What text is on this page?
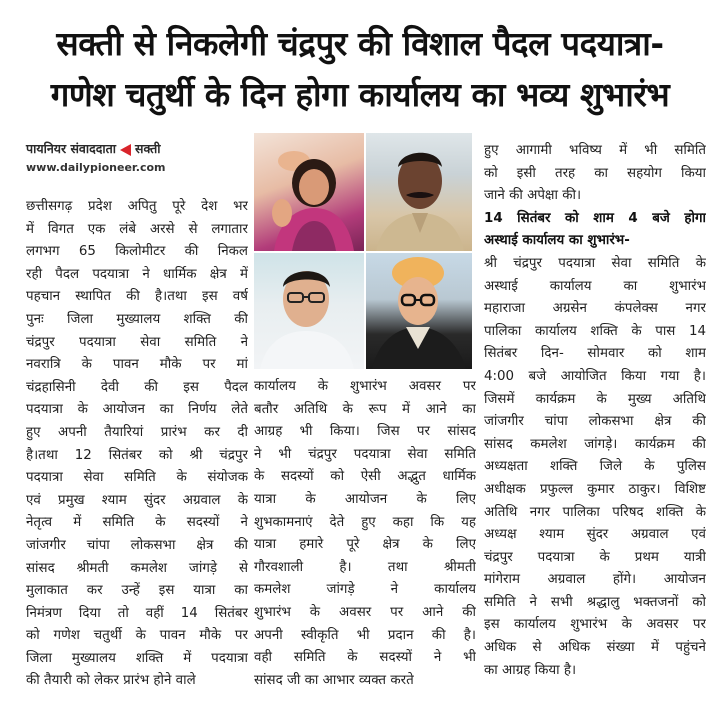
सक्ती से निकलेगी चंद्रपुर की विशाल पैदल पदयात्रा-
गणेश चतुर्थी के दिन होगा कार्यालय का भव्य शुभारंभ
पायनियर संवाददाता सक्ती
www.dailypioneer.com

छत्तीसगढ़ प्रदेश अपितु पूरे देश भर

में विगत एक लंबे अरसे से लगातार

लगभग 65 किलोमीटर की निकल

रही पैदल पदयात्रा ने धार्मिक क्षेत्र में

पहचान स्थापित की है।तथा इस वर्ष

पुनः जिला मुख्यालय शक्ति की

चंद्रपुर पदयात्रा सेवा समिति ने

नवरात्रि के पावन मौके पर मां

चंद्रहासिनी देवी की इस पैदल

पदयात्रा के आयोजन का निर्णय लेते

हुए अपनी तैयारियां प्रारंभ कर दी

है।तथा 12 सितंबर को श्री चंद्रपुर

पदयात्रा सेवा समिति के संयोजक

एवं प्रमुख श्याम सुंदर अग्रवाल के

नेतृत्व में समिति के सदस्यों ने

जांजगीर चांपा लोकसभा क्षेत्र की

सांसद श्रीमती कमलेश जांगड़े से

मुलाकात कर उन्हें इस यात्रा का

निमंत्रण दिया तो वहीं 14 सितंबर

को गणेश चतुर्थी के पावन मौके पर

जिला मुख्यालय शक्ति में पदयात्रा

की तैयारी को लेकर प्रारंभ होने वाले

कार्यालय के शुभारंभ अवसर पर

बतौर अतिथि के रूप में आने का

आग्रह भी किया। जिस पर सांसद

ने भी चंद्रपुर पदयात्रा सेवा समिति

के सदस्यों को ऐसी अद्भुत धार्मिक

यात्रा के आयोजन के लिए

शुभकामनाएं देते हुए कहा कि यह

यात्रा हमारे पूरे क्षेत्र के लिए

गौरवशाली है। तथा श्रीमती

कमलेश जांगड़े ने कार्यालय

शुभारंभ के अवसर पर आने की

अपनी स्वीकृति भी प्रदान की है।

वही समिति के सदस्यों ने भी

सांसद जी का आभार व्यक्त करते

हुए आगामी भविष्य में भी समिति

को इसी तरह का सहयोग किया

जाने की अपेक्षा की।

14 सितंबर को शाम 4 बजे होगा

अस्थाई कार्यालय का शुभारंभ-

श्री चंद्रपुर पदयात्रा सेवा समिति के

अस्थाई कार्यालय का शुभारंभ

महाराजा अग्रसेन कंपलेक्स नगर

पालिका कार्यालय शक्ति के पास 14

सितंबर दिन- सोमवार को शाम

4:00 बजे आयोजित किया गया है।

जिसमें कार्यक्रम के मुख्य अतिथि

जांजगीर चांपा लोकसभा क्षेत्र की

सांसद कमलेश जांगड़े। कार्यक्रम की

अध्यक्षता शक्ति जिले के पुलिस

अधीक्षक प्रफुल्ल कुमार ठाकुर। विशिष्ट

अतिथि नगर पालिका परिषद शक्ति के

अध्यक्ष श्याम सुंदर अग्रवाल एवं

चंद्रपुर पदयात्रा के प्रथम यात्री

मांगेराम अग्रवाल होंगे। आयोजन

समिति ने सभी श्रद्धालु भक्तजनों को

इस कार्यालय शुभारंभ के अवसर पर

अधिक से अधिक संख्या में पहुंचने

का आग्रह किया है।
